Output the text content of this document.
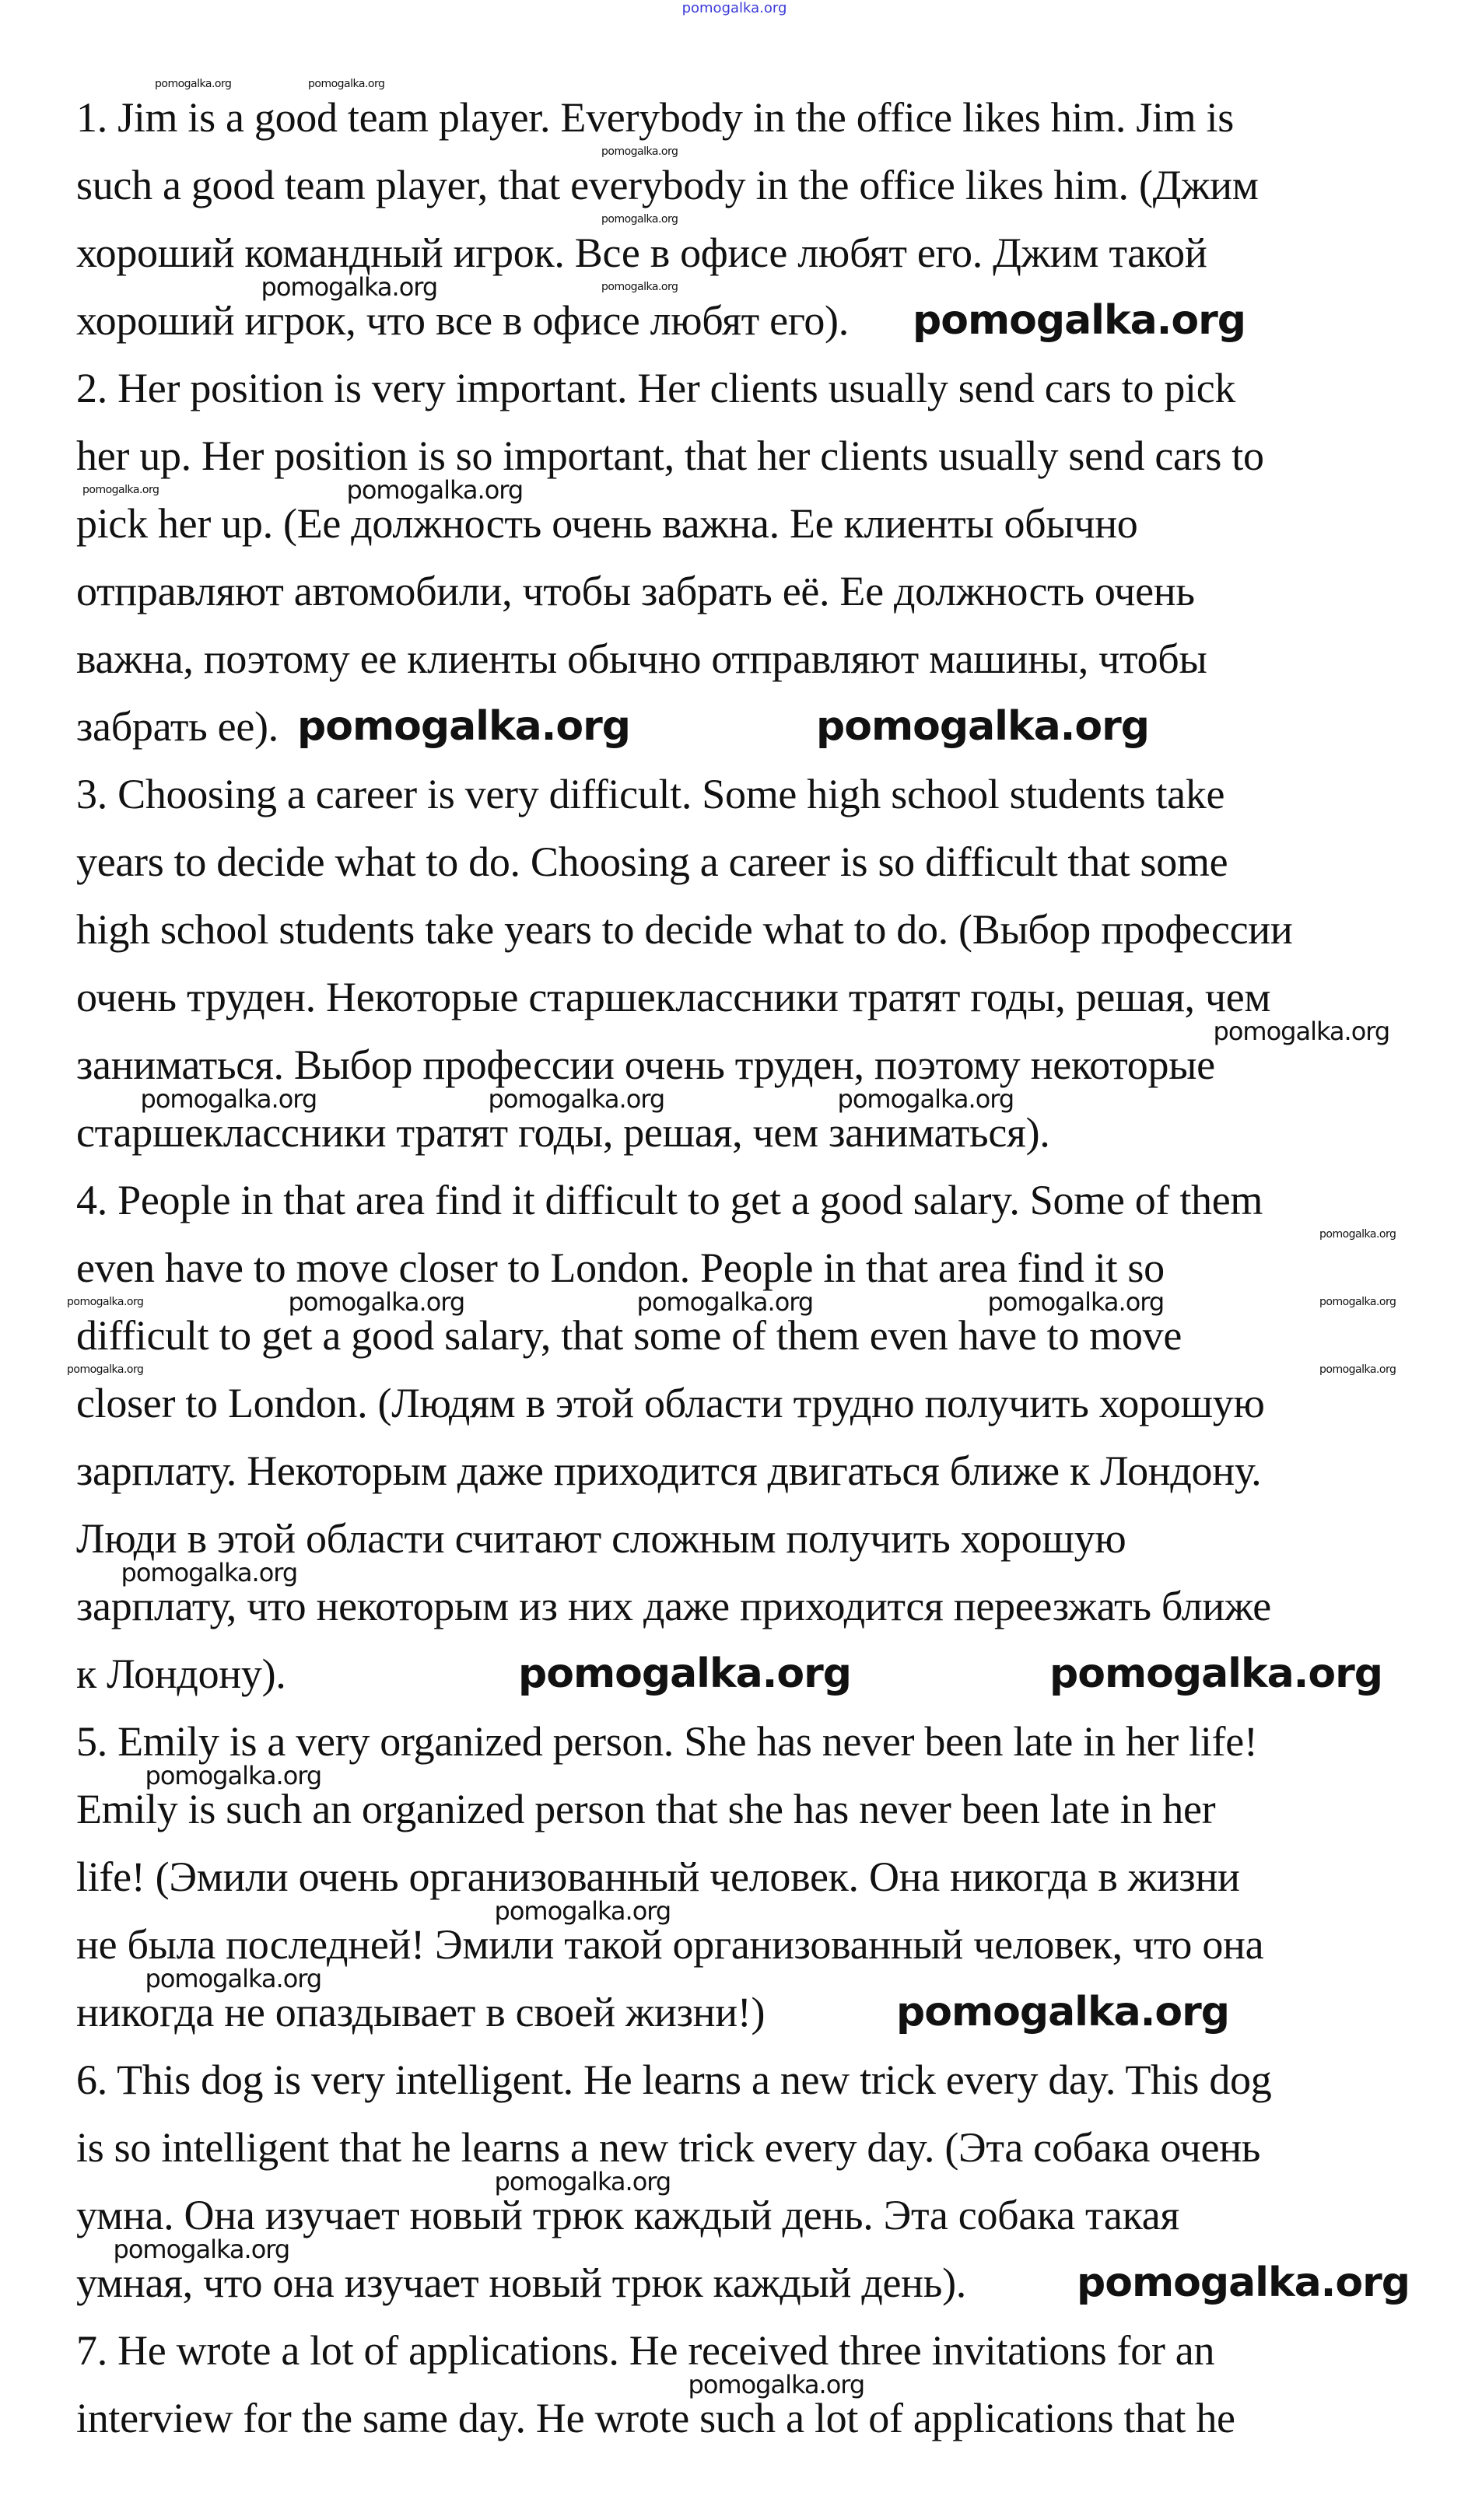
pomogalka.org
1. Jim is a good team player. Everybody in the office likes him. Jim is
such a good team player, that everybody in the office likes him. (Джим
хороший командный игрок. Все в офисе любят его. Джим такой
хороший игрок, что все в офисе любят его).
2. Her position is very important. Her clients usually send cars to pick
her up. Her position is so important, that her clients usually send cars to
pick her up. (Ее должность очень важна. Ее клиенты обычно
отправляют автомобили, чтобы забрать её. Ее должность очень
важна, поэтому ее клиенты обычно отправляют машины, чтобы
забрать ее).
3. Choosing a career is very difficult. Some high school students take
years to decide what to do. Choosing a career is so difficult that some
high school students take years to decide what to do. (Выбор профессии
очень труден. Некоторые старшеклассники тратят годы, решая, чем
заниматься. Выбор профессии очень труден, поэтому некоторые
старшеклассники тратят годы, решая, чем заниматься).
4. People in that area find it difficult to get a good salary. Some of them
even have to move closer to London. People in that area find it so
difficult to get a good salary, that some of them even have to move
closer to London. (Людям в этой области трудно получить хорошую
зарплату. Некоторым даже приходится двигаться ближе к Лондону.
Люди в этой области считают сложным получить хорошую
зарплату, что некоторым из них даже приходится переезжать ближе
к Лондону).
5. Emily is a very organized person. She has never been late in her life!
Emily is such an organized person that she has never been late in her
life! (Эмили очень организованный человек. Она никогда в жизни
не была последней! Эмили такой организованный человек, что она
никогда не опаздывает в своей жизни!)
6. This dog is very intelligent. He learns a new trick every day. This dog
is so intelligent that he learns a new trick every day. (Эта собака очень
умна. Она изучает новый трюк каждый день. Эта собака такая
умная, что она изучает новый трюк каждый день).
7. He wrote a lot of applications. He received three invitations for an
interview for the same day. He wrote such a lot of applications that he
pomogalka.org	pomogalka.org
pomogalka.org
pomogalka.org
pomogalka.org
pomogalka.org
pomogalka.org
pomogalka.org
pomogalka.org
pomogalka.org
pomogalka.org
pomogalka.org
pomogalka.org
pomogalka.org
pomogalka.org	pomogalka.org	pomogalka.org
pomogalka.org	pomogalka.org	pomogalka.org
pomogalka.org
pomogalka.org
pomogalka.org
pomogalka.org
pomogalka.org
pomogalka.org
pomogalka.org
pomogalka.org
pomogalka.org	pomogalka.org
pomogalka.org	pomogalka.org
pomogalka.org
pomogalka.org
